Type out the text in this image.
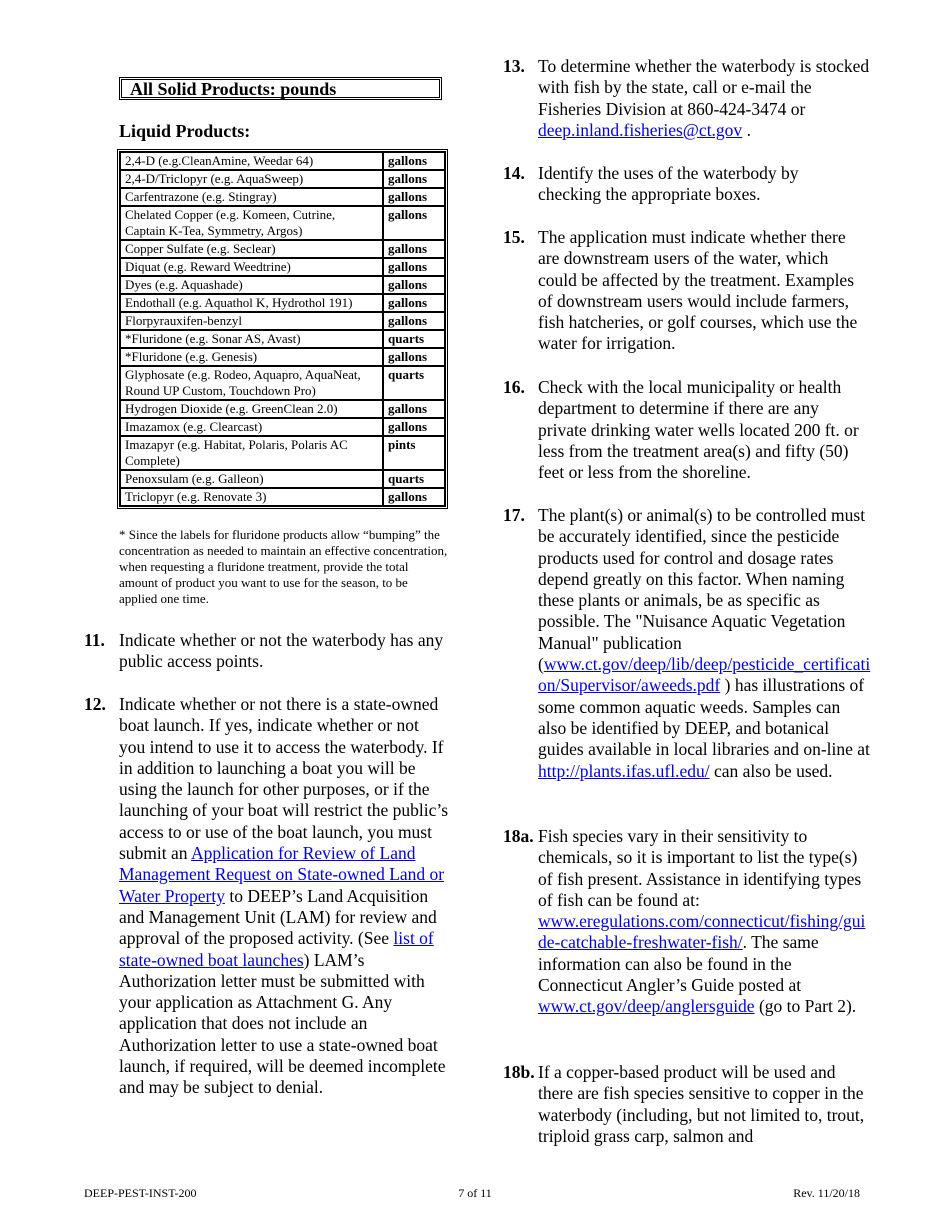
All Solid Products: pounds
Liquid Products:
2,4-D (e.g.CleanAmine, Weedar 64)	gallons
2,4-D/Triclopyr (e.g. AquaSweep)	gallons
Carfentrazone (e.g. Stingray)	gallons
Chelated Copper (e.g. Komeen, Cutrine, Captain K-Tea, Symmetry, Argos)	gallons
Copper Sulfate (e.g. Seclear)	gallons
Diquat (e.g. Reward Weedtrine)	gallons
Dyes (e.g. Aquashade)	gallons
Endothall (e.g. Aquathol K, Hydrothol 191)	gallons
Florpyrauxifen-benzyl	gallons
*Fluridone (e.g. Sonar AS, Avast)	quarts
*Fluridone (e.g. Genesis)	gallons
Glyphosate (e.g. Rodeo, Aquapro, AquaNeat, Round UP Custom, Touchdown Pro)	quarts
Hydrogen Dioxide (e.g. GreenClean 2.0)	gallons
Imazamox (e.g. Clearcast)	gallons
Imazapyr (e.g. Habitat, Polaris, Polaris AC Complete)	pints
Penoxsulam (e.g. Galleon)	quarts
Triclopyr (e.g. Renovate 3)	gallons
* Since the labels for fluridone products allow “bumping” the concentration as needed to maintain an effective concentration, when requesting a fluridone treatment, provide the total amount of product you want to use for the season, to be applied one time.
11. Indicate whether or not the waterbody has any public access points.
12. Indicate whether or not there is a state-owned boat launch. If yes, indicate whether or not you intend to use it to access the waterbody. If in addition to launching a boat you will be using the launch for other purposes, or if the launching of your boat will restrict the public’s access to or use of the boat launch, you must submit an Application for Review of Land Management Request on State-owned Land or Water Property to DEEP’s Land Acquisition and Management Unit (LAM) for review and approval of the proposed activity. (See list of state-owned boat launches) LAM’s Authorization letter must be submitted with your application as Attachment G. Any application that does not include an Authorization letter to use a state-owned boat launch, if required, will be deemed incomplete and may be subject to denial.
13. To determine whether the waterbody is stocked with fish by the state, call or e-mail the Fisheries Division at 860-424-3474 or deep.inland.fisheries@ct.gov .
14. Identify the uses of the waterbody by checking the appropriate boxes.
15. The application must indicate whether there are downstream users of the water, which could be affected by the treatment. Examples of downstream users would include farmers, fish hatcheries, or golf courses, which use the water for irrigation.
16. Check with the local municipality or health department to determine if there are any private drinking water wells located 200 ft. or less from the treatment area(s) and fifty (50) feet or less from the shoreline.
17. The plant(s) or animal(s) to be controlled must be accurately identified, since the pesticide products used for control and dosage rates depend greatly on this factor. When naming these plants or animals, be as specific as possible. The "Nuisance Aquatic Vegetation Manual" publication (www.ct.gov/deep/lib/deep/pesticide_certification/Supervisor/aweeds.pdf ) has illustrations of some common aquatic weeds. Samples can also be identified by DEEP, and botanical guides available in local libraries and on-line at http://plants.ifas.ufl.edu/ can also be used.
18a. Fish species vary in their sensitivity to chemicals, so it is important to list the type(s) of fish present. Assistance in identifying types of fish can be found at: www.eregulations.com/connecticut/fishing/guide-catchable-freshwater-fish/. The same information can also be found in the Connecticut Angler’s Guide posted at www.ct.gov/deep/anglersguide (go to Part 2).
18b. If a copper-based product will be used and there are fish species sensitive to copper in the waterbody (including, but not limited to, trout, triploid grass carp, salmon and
DEEP-PEST-INST-200	7 of 11	Rev. 11/20/18
